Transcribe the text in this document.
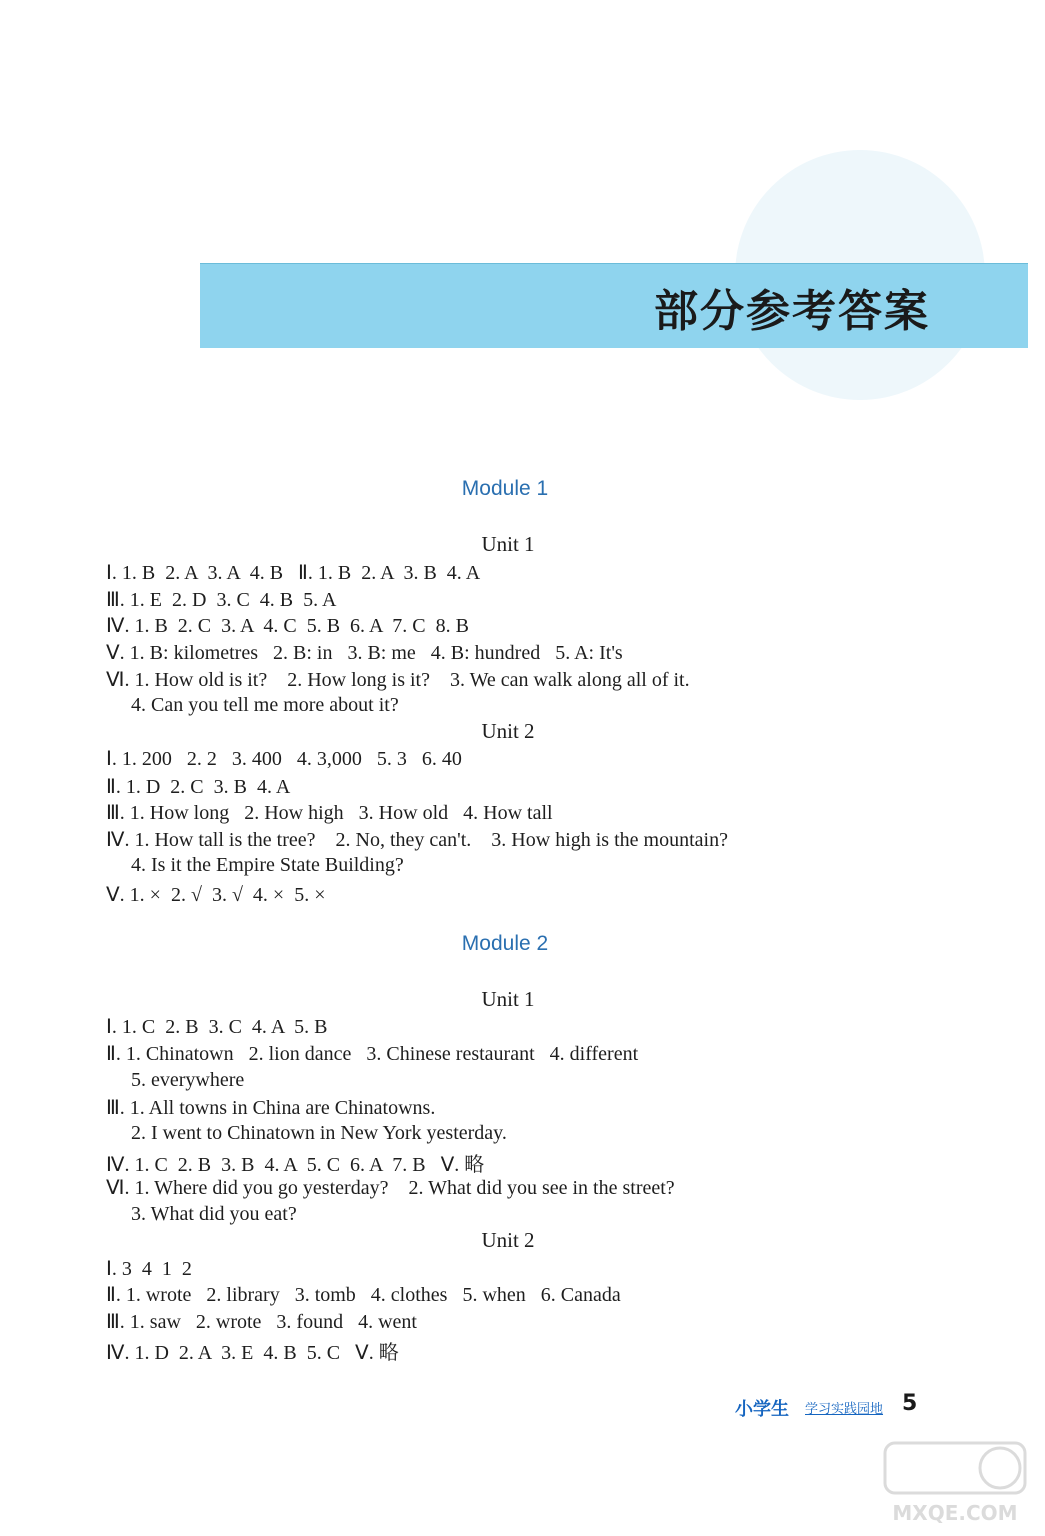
部分参考答案
Module 1
Unit 1
Ⅰ. 1. B  2. A  3. A  4. B   Ⅱ. 1. B  2. A  3. B  4. A
Ⅲ. 1. E  2. D  3. C  4. B  5. A
Ⅳ. 1. B  2. C  3. A  4. C  5. B  6. A  7. C  8. B
Ⅴ. 1. B: kilometres   2. B: in   3. B: me   4. B: hundred   5. A: It's
Ⅵ. 1. How old is it?    2. How long is it?    3. We can walk along all of it.
4. Can you tell me more about it?
Unit 2
Ⅰ. 1. 200   2. 2   3. 400   4. 3,000   5. 3   6. 40
Ⅱ. 1. D  2. C  3. B  4. A
Ⅲ. 1. How long   2. How high   3. How old   4. How tall
Ⅳ. 1. How tall is the tree?    2. No, they can't.    3. How high is the mountain?
4. Is it the Empire State Building?
Ⅴ. 1. ×  2. √  3. √  4. ×  5. ×
Module 2
Unit 1
Ⅰ. 1. C  2. B  3. C  4. A  5. B
Ⅱ. 1. Chinatown   2. lion dance   3. Chinese restaurant   4. different
5. everywhere
Ⅲ. 1. All towns in China are Chinatowns.
2. I went to Chinatown in New York yesterday.
Ⅳ. 1. C  2. B  3. B  4. A  5. C  6. A  7. B   Ⅴ. 略
Ⅵ. 1. Where did you go yesterday?    2. What did you see in the street?
3. What did you eat?
Unit 2
Ⅰ. 3  4  1  2
Ⅱ. 1. wrote   2. library   3. tomb   4. clothes   5. when   6. Canada
Ⅲ. 1. saw   2. wrote   3. found   4. went
Ⅳ. 1. D  2. A  3. E  4. B  5. C   Ⅴ. 略
小学生 学习实践园地 5
MXQE.COM
